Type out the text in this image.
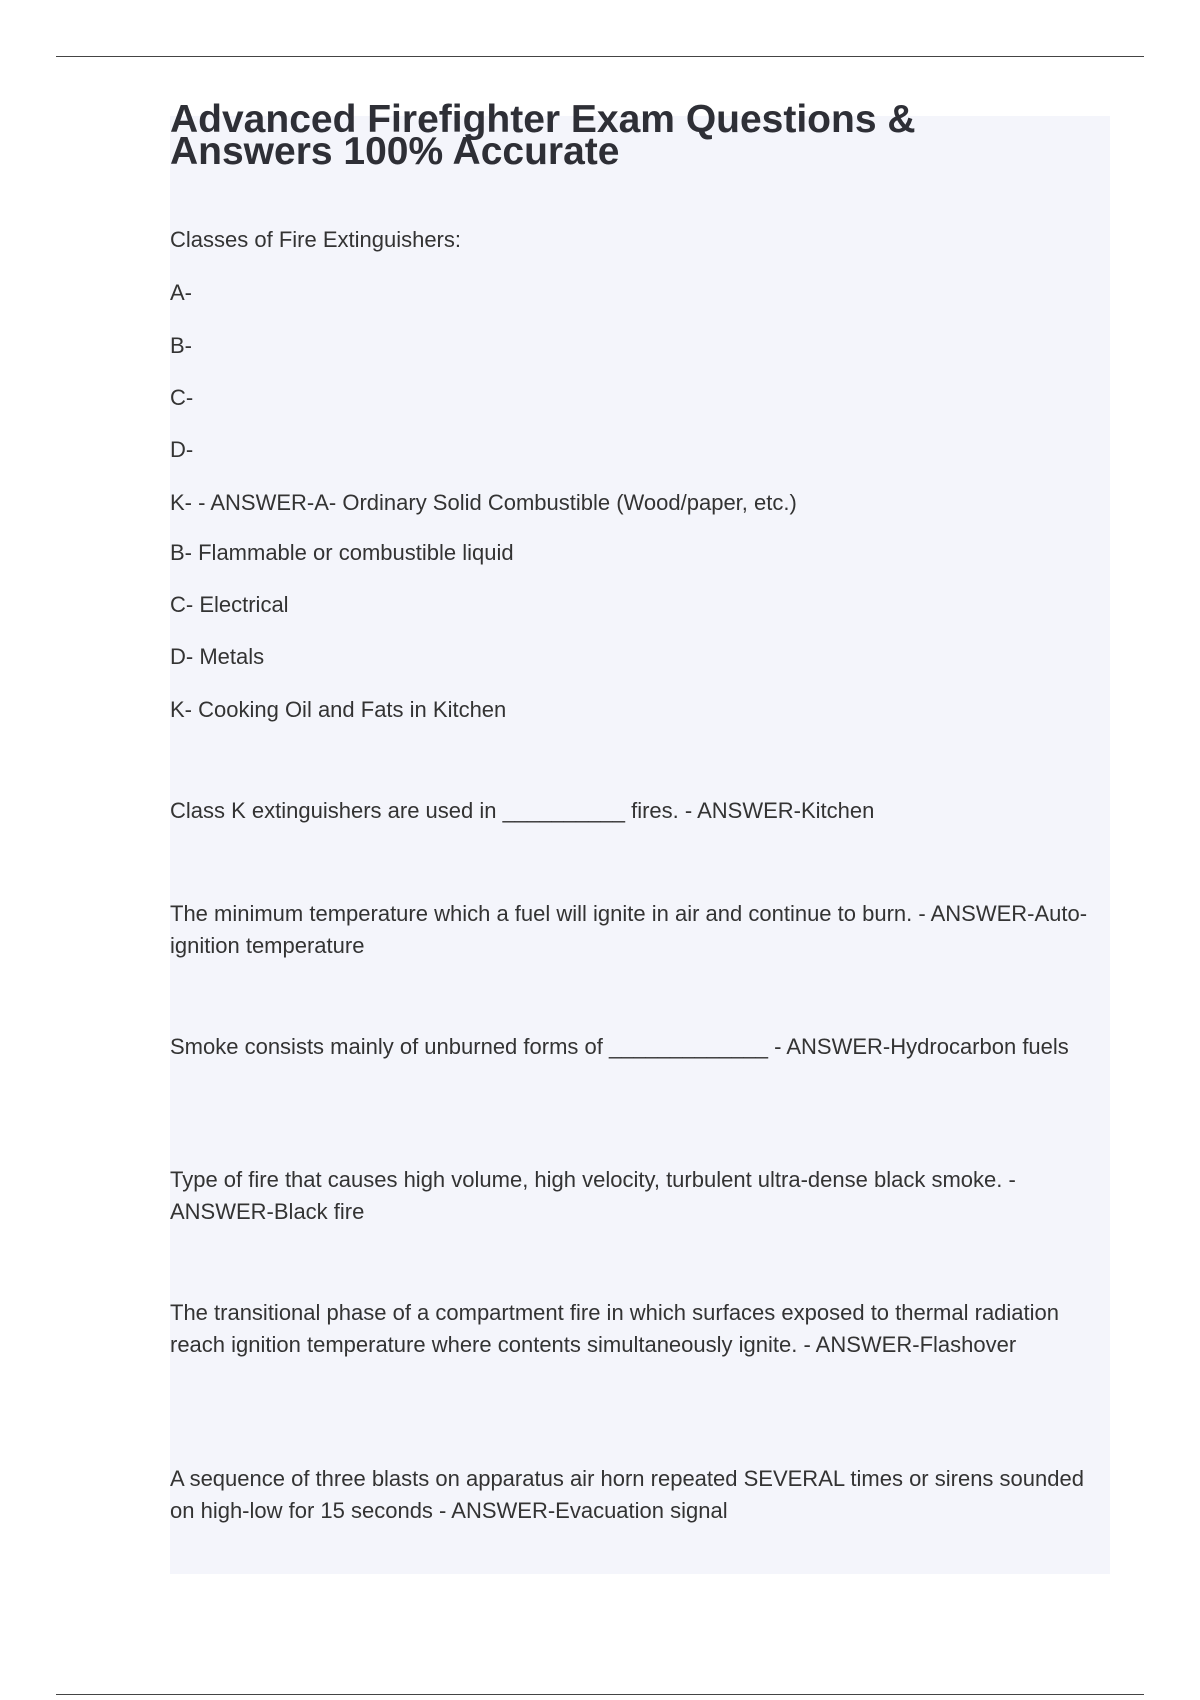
Advanced Firefighter Exam Questions & Answers 100% Accurate

Classes of Fire Extinguishers:

A-

B-

C-

D-

K- - ANSWER-A- Ordinary Solid Combustible (Wood/paper, etc.)

B- Flammable or combustible liquid

C- Electrical

D- Metals

K- Cooking Oil and Fats in Kitchen

Class K extinguishers are used in __________ fires. - ANSWER-Kitchen

The minimum temperature which a fuel will ignite in air and continue to burn. - ANSWER-Auto-ignition temperature

Smoke consists mainly of unburned forms of _____________ - ANSWER-Hydrocarbon fuels

Type of fire that causes high volume, high velocity, turbulent ultra-dense black smoke. - ANSWER-Black fire

The transitional phase of a compartment fire in which surfaces exposed to thermal radiation reach ignition temperature where contents simultaneously ignite. - ANSWER-Flashover

A sequence of three blasts on apparatus air horn repeated SEVERAL times or sirens sounded on high-low for 15 seconds - ANSWER-Evacuation signal
